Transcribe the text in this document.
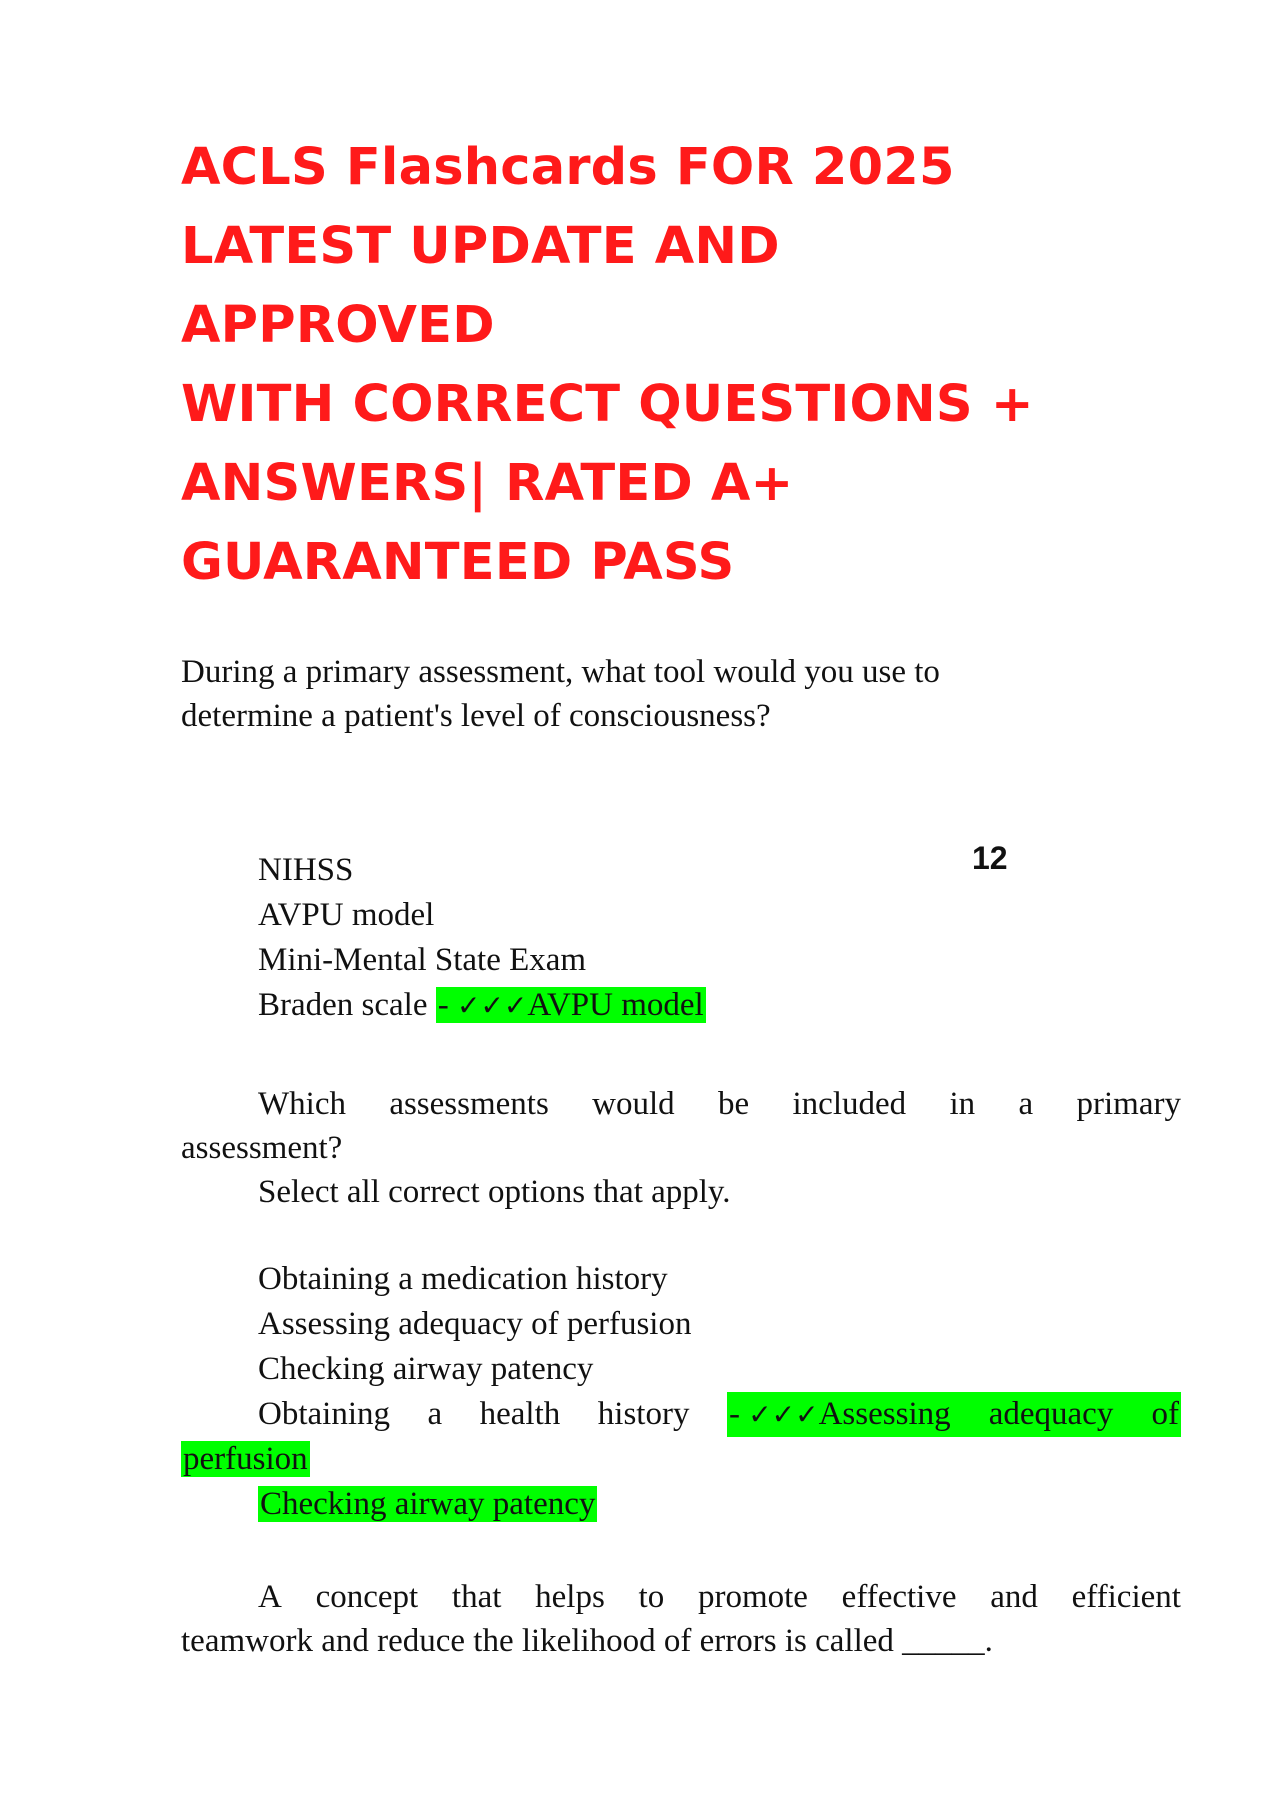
ACLS Flashcards FOR 2025
LATEST UPDATE AND
APPROVED
WITH CORRECT QUESTIONS +
ANSWERS| RATED A+
GUARANTEED PASS
During a primary assessment, what tool would you use to
determine a patient's level of consciousness?
12
NIHSS
AVPU model
Mini-Mental State Exam
Braden scale - ✓✓✓AVPU model
Which assessments would be included in a primary
assessment?
Select all correct options that apply.
Obtaining a medication history
Assessing adequacy of perfusion
Checking airway patency
Obtaining a health history - ✓✓✓Assessing adequacy of
perfusion
Checking airway patency
A concept that helps to promote effective and efficient
teamwork and reduce the likelihood of errors is called _____.
